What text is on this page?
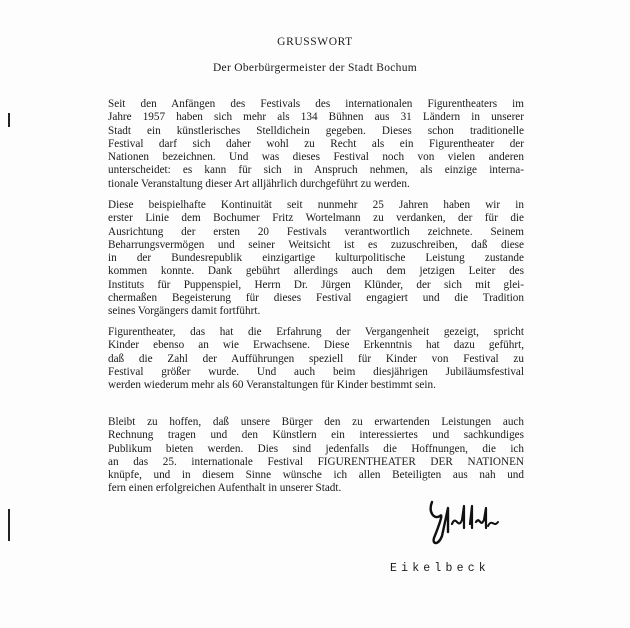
GRUSSWORT
Der Oberbürgermeister der Stadt Bochum

Seit den Anfängen des Festivals des internationalen Figurentheaters im
Jahre 1957 haben sich mehr als 134 Bühnen aus 31 Ländern in unserer
Stadt ein künstlerisches Stelldichein gegeben. Dieses schon traditionelle
Festival darf sich daher wohl zu Recht als ein Figurentheater der
Nationen bezeichnen. Und was dieses Festival noch von vielen anderen
unterscheidet: es kann für sich in Anspruch nehmen, als einzige interna-
tionale Veranstaltung dieser Art alljährlich durchgeführt zu werden.

Diese beispielhafte Kontinuität seit nunmehr 25 Jahren haben wir in
erster Linie dem Bochumer Fritz Wortelmann zu verdanken, der für die
Ausrichtung der ersten 20 Festivals verantwortlich zeichnete. Seinem
Beharrungsvermögen und seiner Weitsicht ist es zuzuschreiben, daß diese
in der Bundesrepublik einzigartige kulturpolitische Leistung zustande
kommen konnte. Dank gebührt allerdings auch dem jetzigen Leiter des
Instituts für Puppenspiel, Herrn Dr. Jürgen Klünder, der sich mit glei-
chermaßen Begeisterung für dieses Festival engagiert und die Tradition
seines Vorgängers damit fortführt.

Figurentheater, das hat die Erfahrung der Vergangenheit gezeigt, spricht
Kinder ebenso an wie Erwachsene. Diese Erkenntnis hat dazu geführt,
daß die Zahl der Aufführungen speziell für Kinder von Festival zu
Festival größer wurde. Und auch beim diesjährigen Jubiläumsfestival
werden wiederum mehr als 60 Veranstaltungen für Kinder bestimmt sein.

Bleibt zu hoffen, daß unsere Bürger den zu erwartenden Leistungen auch
Rechnung tragen und den Künstlern ein interessiertes und sachkundiges
Publikum bieten werden. Dies sind jedenfalls die Hoffnungen, die ich
an das 25. internationale Festival FIGURENTHEATER DER NATIONEN
knüpfe, und in diesem Sinne wünsche ich allen Beteiligten aus nah und
fern einen erfolgreichen Aufenthalt in unserer Stadt.

Eikelbeck
